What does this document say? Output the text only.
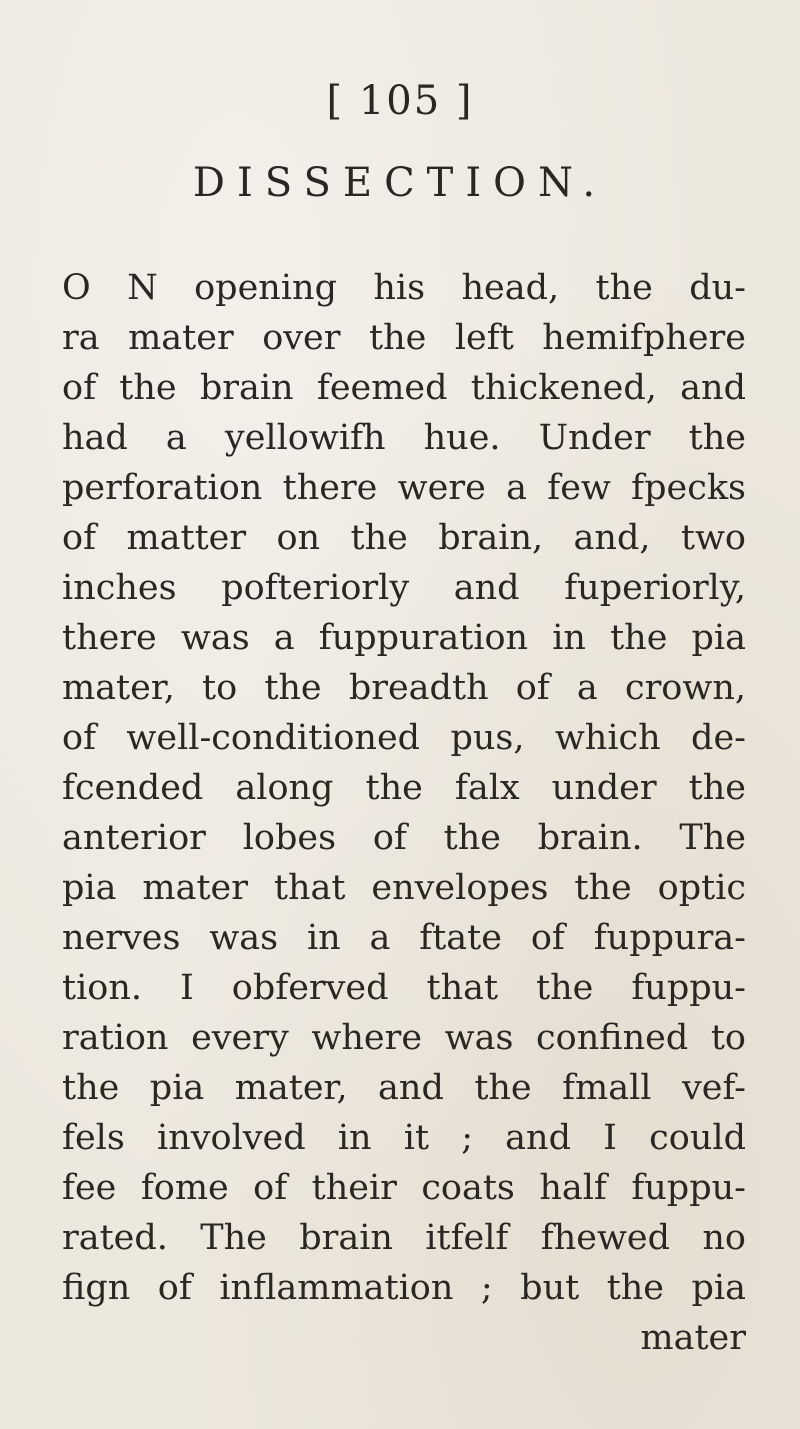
[ 105 ]
DISSECTION.
O N opening his head, the du-
ra mater over the left hemifphere
of the brain feemed thickened, and
had a yellowifh hue. Under the
perforation there were a few fpecks
of matter on the brain, and, two
inches pofteriorly and fuperiorly,
there was a fuppuration in the pia
mater, to the breadth of a crown,
of well-conditioned pus, which de-
fcended along the falx under the
anterior lobes of the brain. The
pia mater that envelopes the optic
nerves was in a ftate of fuppura-
tion. I obferved that the fuppu-
ration every where was confined to
the pia mater, and the fmall vef-
fels involved in it ; and I could
fee fome of their coats half fuppu-
rated. The brain itfelf fhewed no
fign of inflammation ; but the pia
mater
